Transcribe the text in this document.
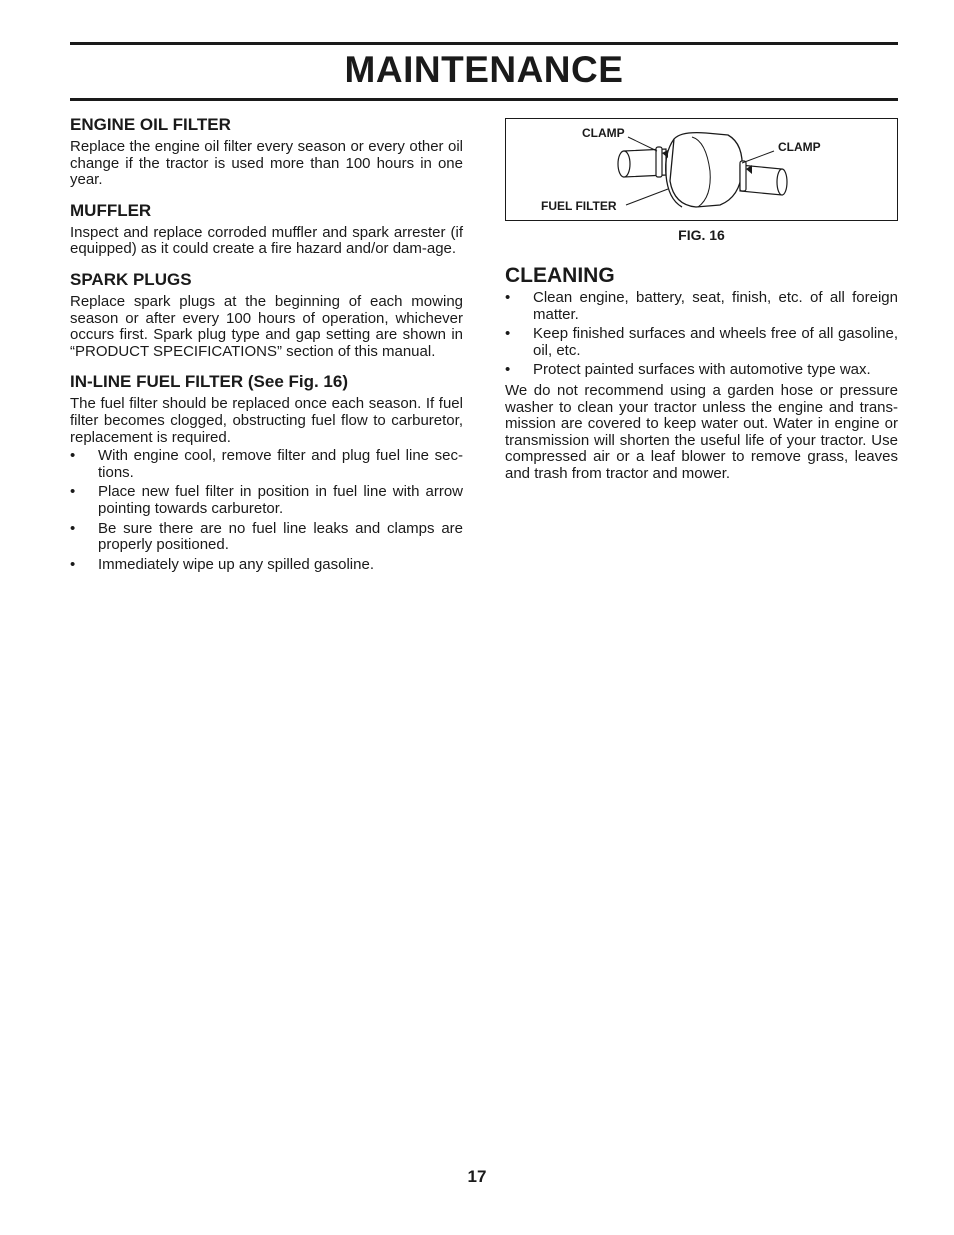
MAINTENANCE
ENGINE OIL FILTER

Replace the engine oil filter every season or every other oil change if the tractor is used more than 100 hours in one year.

MUFFLER

Inspect and replace corroded muffler and spark arrester (if equipped) as it could create a fire hazard and/or dam-age.

SPARK PLUGS

Replace spark plugs at the beginning of each mowing season or after every 100 hours of operation, whichever occurs first. Spark plug type and gap setting are shown in “PRODUCT SPECIFICATIONS” section of this manual.

IN-LINE FUEL FILTER (See Fig. 16)

The fuel filter should be replaced once each season. If fuel filter becomes clogged, obstructing fuel flow to carburetor, replacement is required.

• With engine cool, remove filter and plug fuel line sec-tions.
• Place new fuel filter in position in fuel line with arrow pointing towards carburetor.
• Be sure there are no fuel line leaks and clamps are properly positioned.
• Immediately wipe up any spilled gasoline.
CLAMP
CLAMP
FUEL FILTER
FIG. 16
CLEANING
• Clean engine, battery, seat, finish, etc. of all foreign matter.
• Keep finished surfaces and wheels free of all gasoline, oil, etc.
• Protect painted surfaces with automotive type wax.

We do not recommend using a garden hose or pressure washer to clean your tractor unless the engine and trans-mission are covered to keep water out. Water in engine or transmission will shorten the useful life of your tractor. Use compressed air or a leaf blower to remove grass, leaves and trash from tractor and mower.

17
